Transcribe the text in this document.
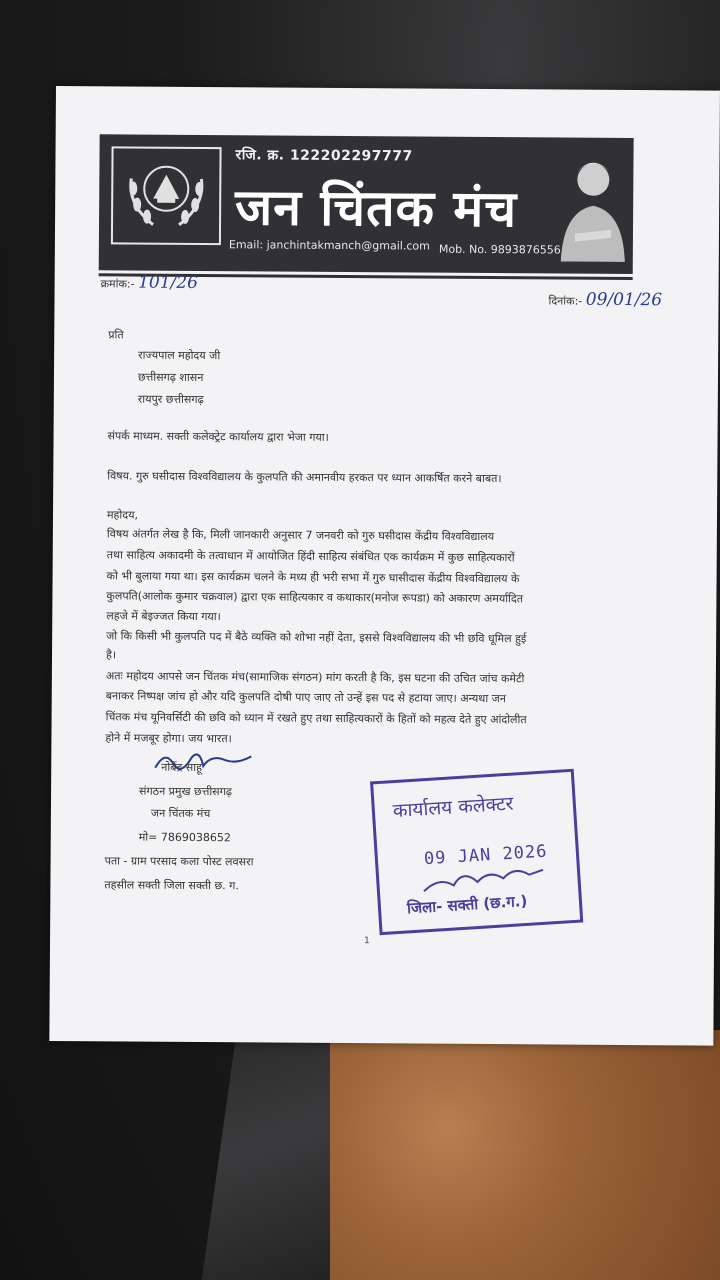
रजि. क्र. 122202297777
जन चिंतक मंच
Email: janchintakmanch@gmail.com Mob. No. 9893876556
क्रमांक:- 101/26
दिनांक:- 09/01/26
प्रति
राज्यपाल महोदय जी
छत्तीसगढ़ शासन
रायपुर छत्तीसगढ़
संपर्क माध्यम. सक्ती कलेक्ट्रेट कार्यालय द्वारा भेजा गया।
विषय. गुरु घसीदास विश्वविद्यालय के कुलपति की अमानवीय हरकत पर ध्यान आकर्षित करने बाबत।
महोदय,
विषय अंतर्गत लेख है कि, मिली जानकारी अनुसार 7 जनवरी को गुरु घसीदास केंद्रीय विश्वविद्यालय
तथा साहित्य अकादमी के तत्वाधान में आयोजित हिंदी साहित्य संबंधित एक कार्यक्रम में कुछ साहित्यकारों
को भी बुलाया गया था। इस कार्यक्रम चलने के मध्य ही भरी सभा में गुरु घासीदास केंद्रीय विश्वविद्यालय के
कुलपति(आलोक कुमार चक्रवाल) द्वारा एक साहित्यकार व कथाकार(मनोज रूपडा) को अकारण अमर्यादित
लहजे में बेइज्जत किया गया।
जो कि किसी भी कुलपति पद में बैठे व्यक्ति को शोभा नहीं देता, इससे विश्वविद्यालय की भी छवि धूमिल हुई
है।
अतः महोदय आपसे जन चिंतक मंच(सामाजिक संगठन) मांग करती है कि, इस घटना की उचित जांच कमेटी
बनाकर निष्पक्ष जांच हो और यदि कुलपति दोषी पाए जाए तो उन्हें इस पद से हटाया जाए। अन्यथा जन
चिंतक मंच यूनिवर्सिटी की छवि को ध्यान में रखते हुए तथा साहित्यकारों के हितों को महत्व देते हुए आंदोलीत
होने में मजबूर होगा। जय भारत।
नोबेंद्र साहू
संगठन प्रमुख छत्तीसगढ़
जन चिंतक मंच
मो= 7869038652
पता - ग्राम परसाद कला पोस्ट लवसरा
तहसील सक्ती जिला सक्ती छ. ग.
कार्यालय कलेक्टर
09 JAN 2026
जिला- सक्ती (छ.ग.)
1
